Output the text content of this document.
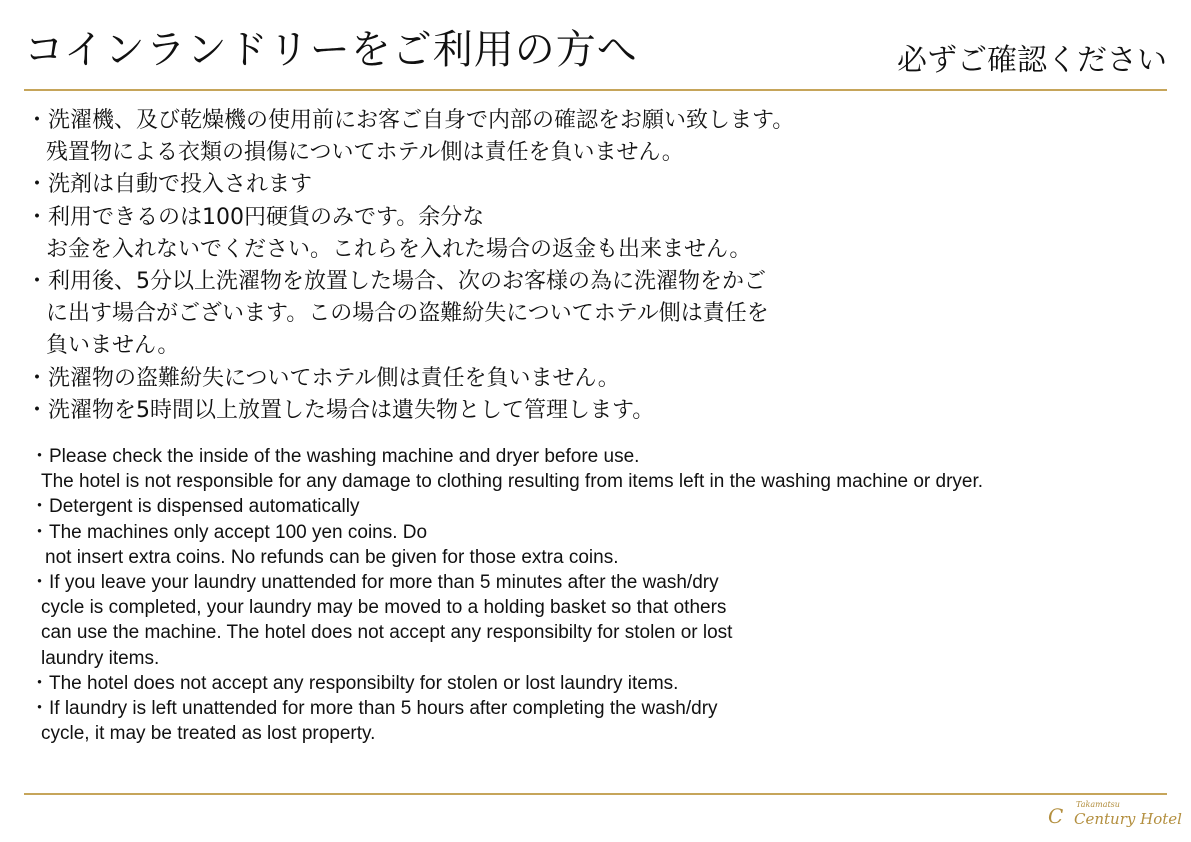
コインランドリーをご利用の方へ	必ずご確認ください
・洗濯機、及び乾燥機の使用前にお客ご自身で内部の確認をお願い致します。
残置物による衣類の損傷についてホテル側は責任を負いません。
・洗剤は自動で投入されます
・利用できるのは100円硬貨のみです。余分な
お金を入れないでください。これらを入れた場合の返金も出来ません。
・利用後、5分以上洗濯物を放置した場合、次のお客様の為に洗濯物をかご
に出す場合がございます。この場合の盗難紛失についてホテル側は責任を
負いません。
・洗濯物の盗難紛失についてホテル側は責任を負いません。
・洗濯物を5時間以上放置した場合は遺失物として管理します。
・Please check the inside of the washing machine and dryer before use.
The hotel is not responsible for any damage to clothing resulting from items left in the washing machine or dryer.
・Detergent is dispensed automatically
・The machines only accept 100 yen coins. Do
not insert extra coins. No refunds can be given for those extra coins.
・If you leave your laundry unattended for more than 5 minutes after the wash/dry
cycle is completed, your laundry may be moved to a holding basket so that others
can use the machine. The hotel does not accept any responsibilty for stolen or lost
laundry items.
・The hotel does not accept any responsibilty for stolen or lost laundry items.
・If laundry is left unattended for more than 5 hours after completing the wash/dry
cycle, it may be treated as lost property.
C Takamatsu
Century Hotel
